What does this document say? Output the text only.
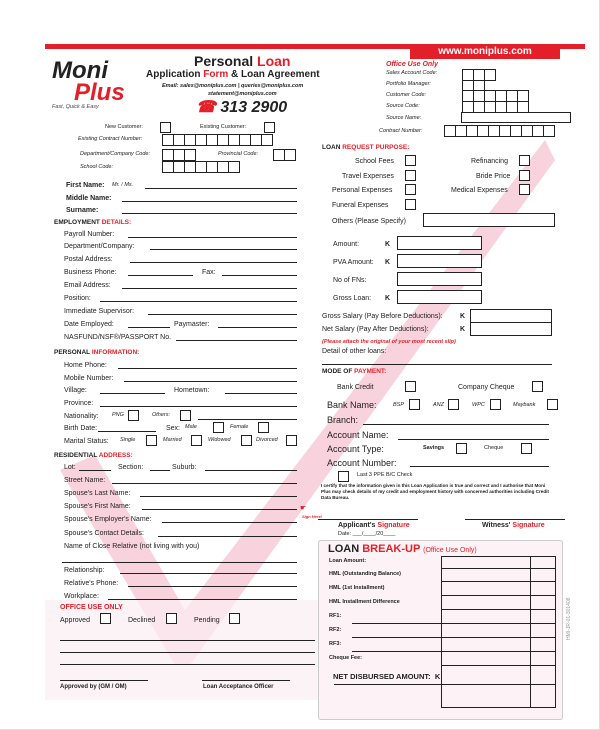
www.moniplus.com
Moni
Plus
Fast, Quick & Easy
Personal Loan
Application Form & Loan Agreement
Email: sales@moniplus.com | queries@moniplus.com
statement@moniplus.com
☎ 313 2900
Office Use Only
Sales Account Code:
Portfolio Manager:
Customer Code:
Source Code:
Source Name:
Contract Number:
New Customer:	Existing Customer:
Existing Contract Number:
Department/Company Code:	Provincial Code:
School Code:
First Name: Mr. / Ms.
Middle Name:
Surname:
EMPLOYMENT DETAILS:
Payroll Number:
Department/Company:
Postal Address:
Business Phone:	Fax:
Email Address:
Position:
Immediate Supervisor:
Date Employed:	Paymaster:
NASFUND/NSF®/PASSPORT No.
PERSONAL INFORMATION:
Home Phone:
Mobile Number:
Village:	Hometown:
Province:
Nationality: PNG	Others:
Birth Date:	Sex: Male	Female
Marital Status: Single	Married	Widowed	Divorced
RESIDENTIAL ADDRESS:
Lot:	Section:	Suburb:
Street Name:
Spouse's Last Name:
Spouse's First Name:
Spouse's Employer's Name:
Spouse's Contact Details:
Name of Close Relative (not living with you)
Relationship:
Relative's Phone:
Workplace:
OFFICE USE ONLY
Approved	Declined	Pending
Approved by (GM / OM)	Loan Acceptance Officer
LOAN REQUEST PURPOSE:
School Fees	Refinancing
Travel Expenses	Bride Price
Personal Expenses	Medical Expenses
Funeral Expenses
Others (Please Specify)
Amount:	K
PVA Amount: K
No of FNs:
Gross Loan: K
Gross Salary (Pay Before Deductions): K
Net Salary (Pay After Deductions):	K
(Please attach the original of your most recent slip)
Detail of other loans:
MODE OF PAYMENT:
Bank Credit	Company Cheque
Bank Name:	BSP	ANZ	WPC	Maybank
Branch:
Account Name:
Account Type:	Savings	Cheque
Account Number:
Last 3 PPE B/C Check
I certify that the information given in this Loan Application is true and correct and I authorise that Moni Plus may check details of my credit and employment history with concerned authorities including Credit Data Bureau.
☛
Sign Here!
Applicant's Signature	Witness' Signature
Date: ___/____/20____
LOAN BREAK-UP (Office Use Only)
Loan Amount:
HML (Outstanding Balance)
HML (1st Installment)
HML Installment Difference
RF1:
RF2:
RF3:
Cheque Fee:
NET DISBURSED AMOUNT: K
HMI-JR-01-301408
